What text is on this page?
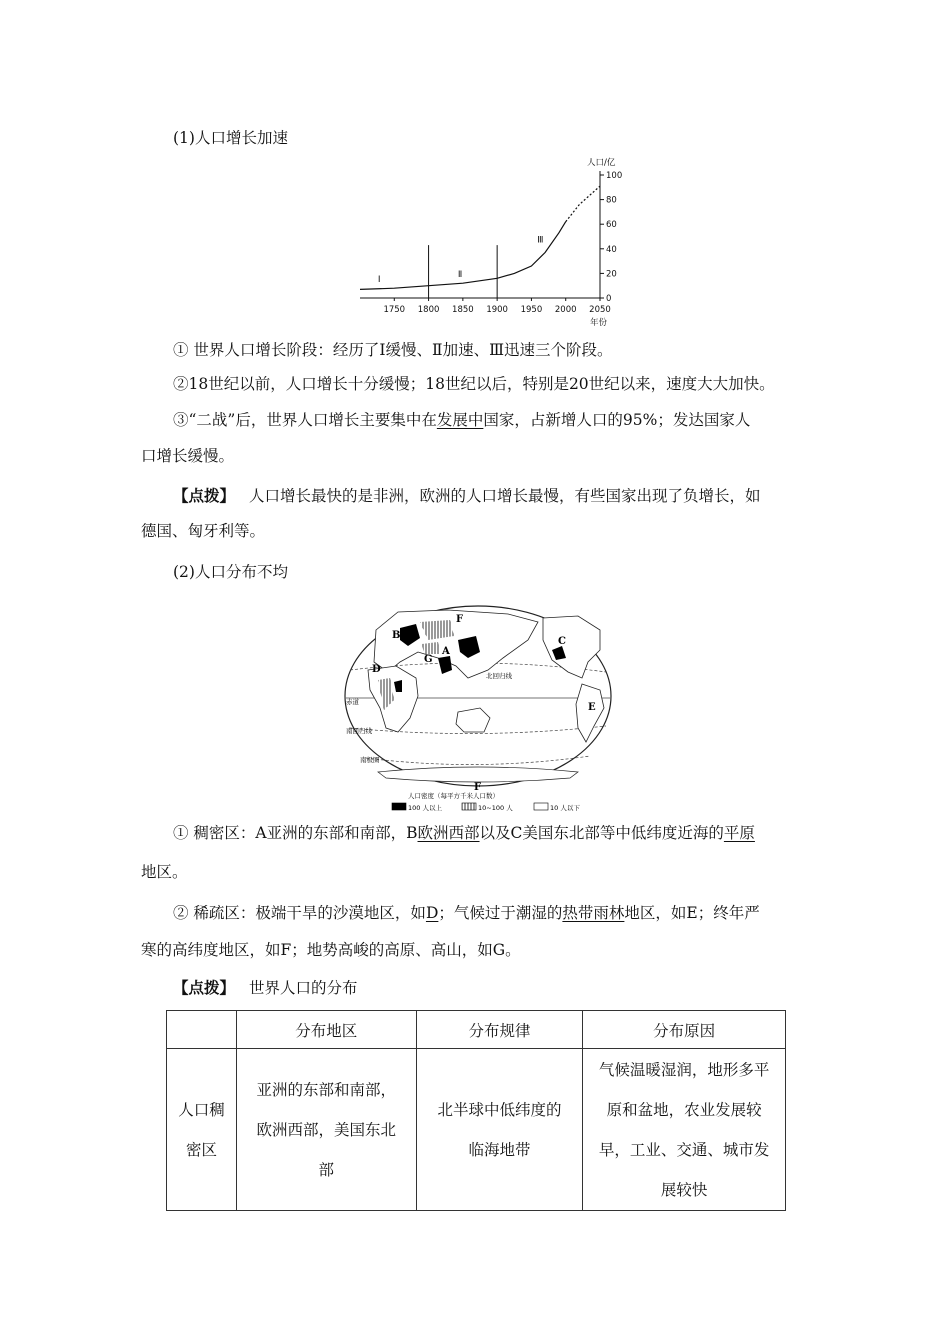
(1)人口增长加速
人口/亿
年份
0
20
40
60
80
100
1750 1800 1850 1900 1950 2000 2050
Ⅰ	Ⅱ
Ⅲ
① 世界人口增长阶段：经历了Ⅰ缓慢、Ⅱ加速、Ⅲ迅速三个阶段。
②18世纪以前，人口增长十分缓慢；18世纪以后，特别是20世纪以来，速度大大加快。
③“二战”后，世界人口增长主要集中在发展中国家，占新增人口的95%；发达国家人
口增长缓慢。
【点拨】 人口增长最快的是非洲，欧洲的人口增长最慢，有些国家出现了负增长，如
德国、匈牙利等。
(2)人口分布不均
B
F
A
G
D
C
E
F
北回归线
赤道
南回归线
南极圈
人口密度（每平方千米人口数）
100 人以上	10~100 人	10 人以下
① 稠密区：A亚洲的东部和南部，B欧洲西部以及C美国东北部等中低纬度近海的平原
地区。
② 稀疏区：极端干旱的沙漠地区，如D；气候过于潮湿的热带雨林地区，如E；终年严
寒的高纬度地区，如F；地势高峻的高原、高山，如G。
【点拨】 世界人口的分布
	分布地区	分布规律	分布原因
人口稠密区	亚洲的东部和南部，欧洲西部，美国东北部	北半球中低纬度的临海地带	气候温暖湿润，地形多平原和盆地，农业发展较早，工业、交通、城市发展较快
